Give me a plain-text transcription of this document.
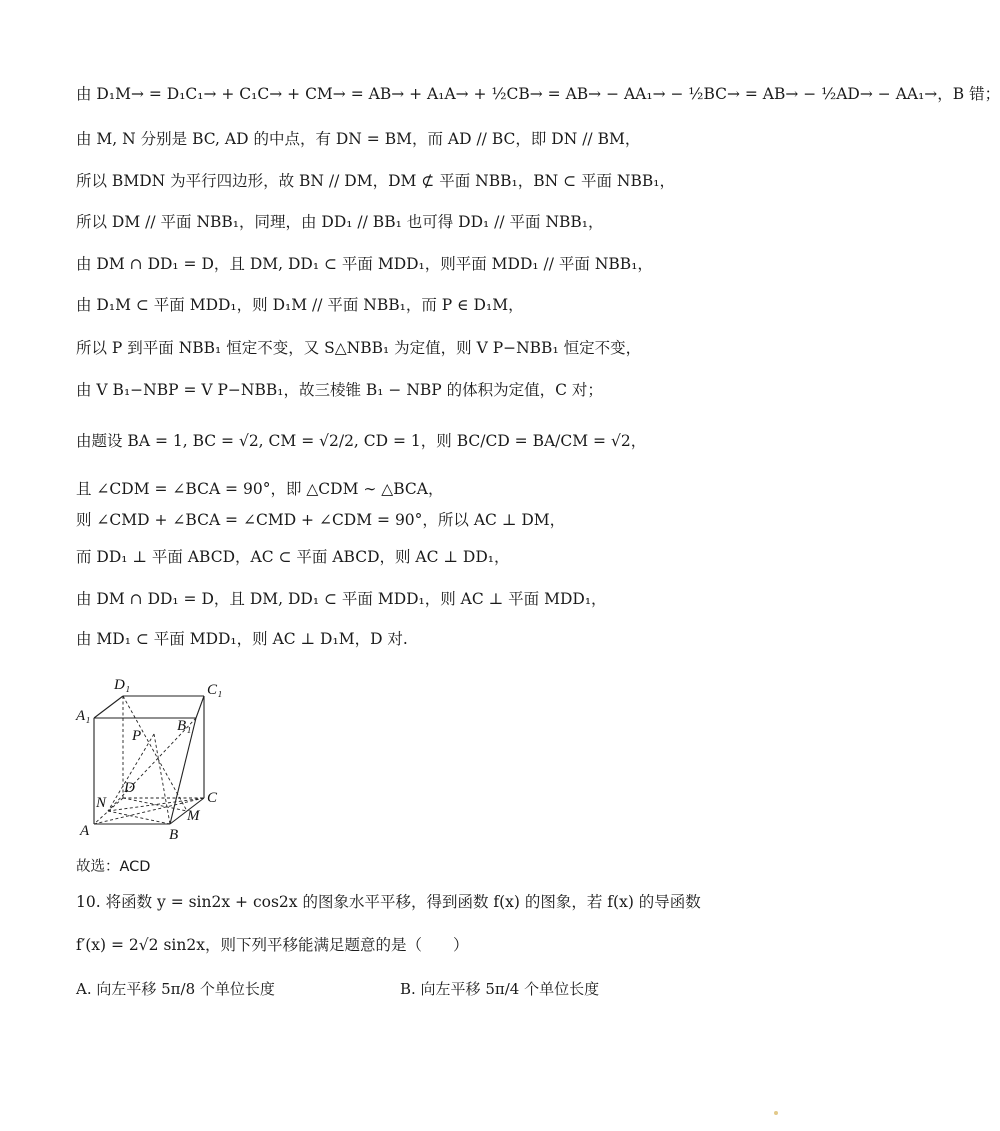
由 D₁M→ = D₁C₁→ + C₁C→ + CM→ = AB→ + A₁A→ + ½CB→ = AB→ − AA₁→ − ½BC→ = AB→ − ½AD→ − AA₁→，B 错；
由 M, N 分别是 BC, AD 的中点，有 DN = BM，而 AD // BC，即 DN // BM，
所以 BMDN 为平行四边形，故 BN // DM，DM ⊄ 平面 NBB₁，BN ⊂ 平面 NBB₁，
所以 DM // 平面 NBB₁，同理，由 DD₁ // BB₁ 也可得 DD₁ // 平面 NBB₁，
由 DM ∩ DD₁ = D，且 DM, DD₁ ⊂ 平面 MDD₁，则平面 MDD₁ // 平面 NBB₁，
由 D₁M ⊂ 平面 MDD₁，则 D₁M // 平面 NBB₁，而 P ∈ D₁M，
所以 P 到平面 NBB₁ 恒定不变，又 S△NBB₁ 为定值，则 V P−NBB₁ 恒定不变，
由 V B₁−NBP = V P−NBB₁，故三棱锥 B₁ − NBP 的体积为定值，C 对；
由题设 BA = 1, BC = √2, CM = √2/2, CD = 1，则 BC/CD = BA/CM = √2，
且 ∠CDM = ∠BCA = 90°，即 △CDM ∼ △BCA，
则 ∠CMD + ∠BCA = ∠CMD + ∠CDM = 90°，所以 AC ⊥ DM，
而 DD₁ ⊥ 平面 ABCD，AC ⊂ 平面 ABCD，则 AC ⊥ DD₁，
由 DM ∩ DD₁ = D，且 DM, DD₁ ⊂ 平面 MDD₁，则 AC ⊥ 平面 MDD₁，
由 MD₁ ⊂ 平面 MDD₁，则 AC ⊥ D₁M，D 对.
D₁	C₁
A₁
B₁
P
D
C
N
M
A	B
故选：ACD
10. 将函数 y = sin2x + cos2x 的图象水平平移，得到函数 f(x) 的图象，若 f(x) 的导函数
f′(x) = 2√2 sin2x，则下列平移能满足题意的是（　　）
A. 向左平移 5π/8 个单位长度	B. 向左平移 5π/4 个单位长度
